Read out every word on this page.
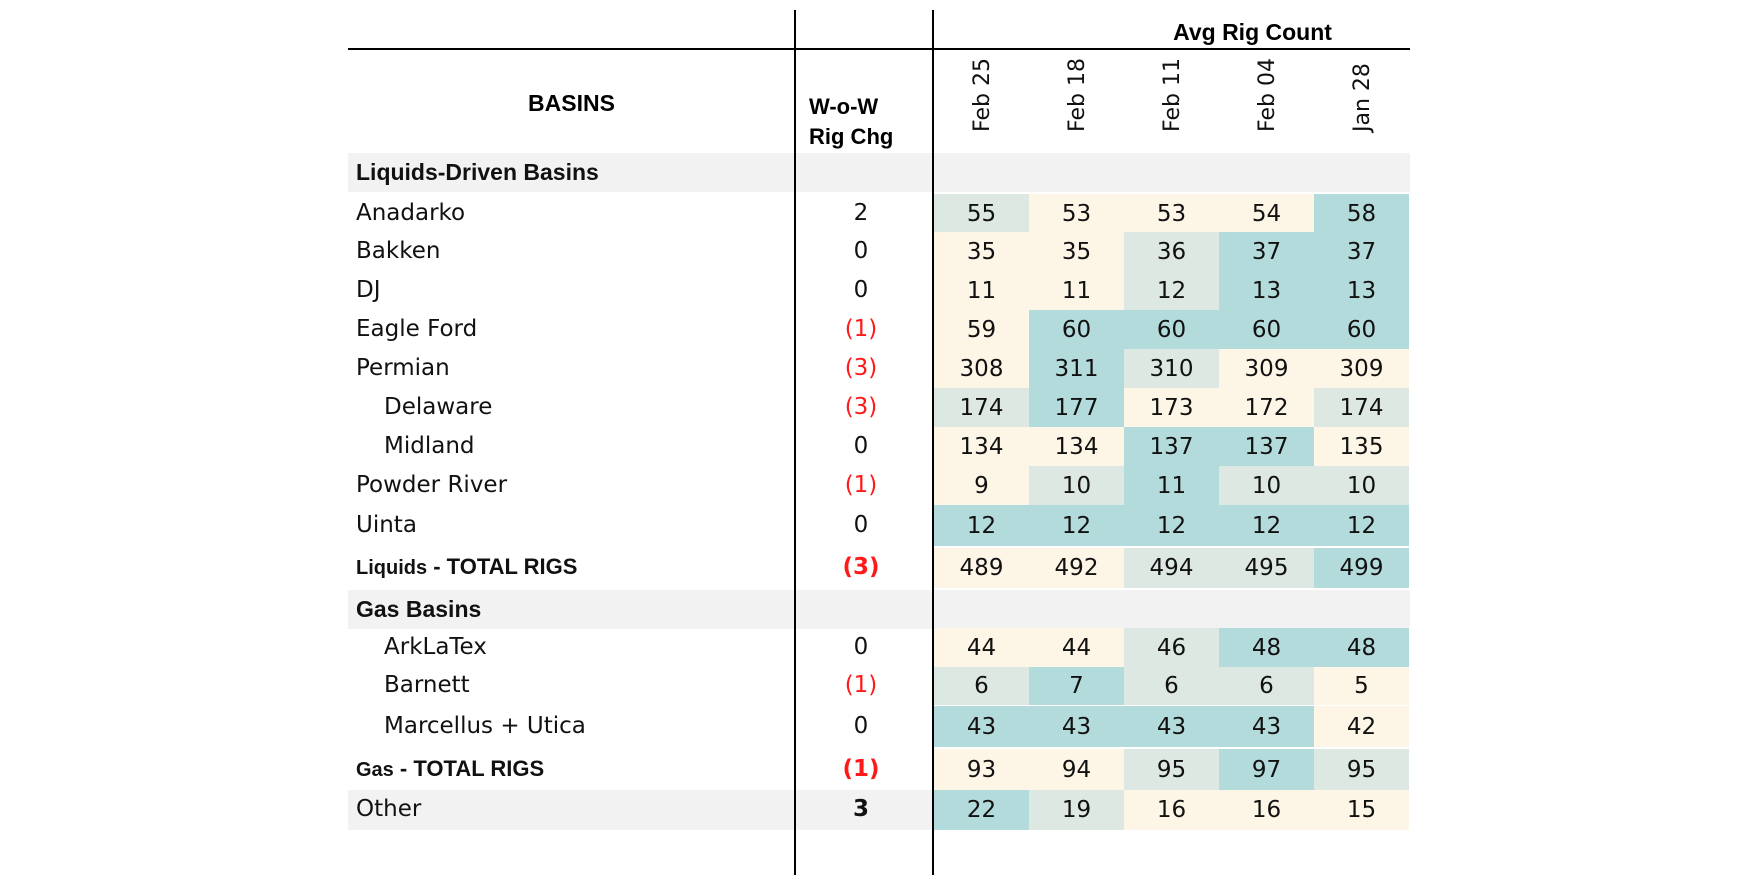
Avg Rig Count
BASINS	W-o-W
Rig Chg
Feb 25	Feb 18	Feb 11	Feb 04	Jan 28
Liquids-Driven Basins
Anadarko	2	55	53	53	54	58
Bakken	0	35	35	36	37	37
DJ	0	11	11	12	13	13
Eagle Ford	(1)	59	60	60	60	60
Permian	(3)	308	311	310	309	309
Delaware	(3)	174	177	173	172	174
Midland	0	134	134	137	137	135
Powder River	(1)	9	10	11	10	10
Uinta	0	12	12	12	12	12
Liquids - TOTAL RIGS	(3)	489	492	494	495	499
Gas Basins
ArkLaTex	0	44	44	46	48	48
Barnett	(1)	6	7	6	6	5
Marcellus + Utica	0	43	43	43	43	42
Gas - TOTAL RIGS	(1)	93	94	95	97	95
Other	3	22	19	16	16	15
